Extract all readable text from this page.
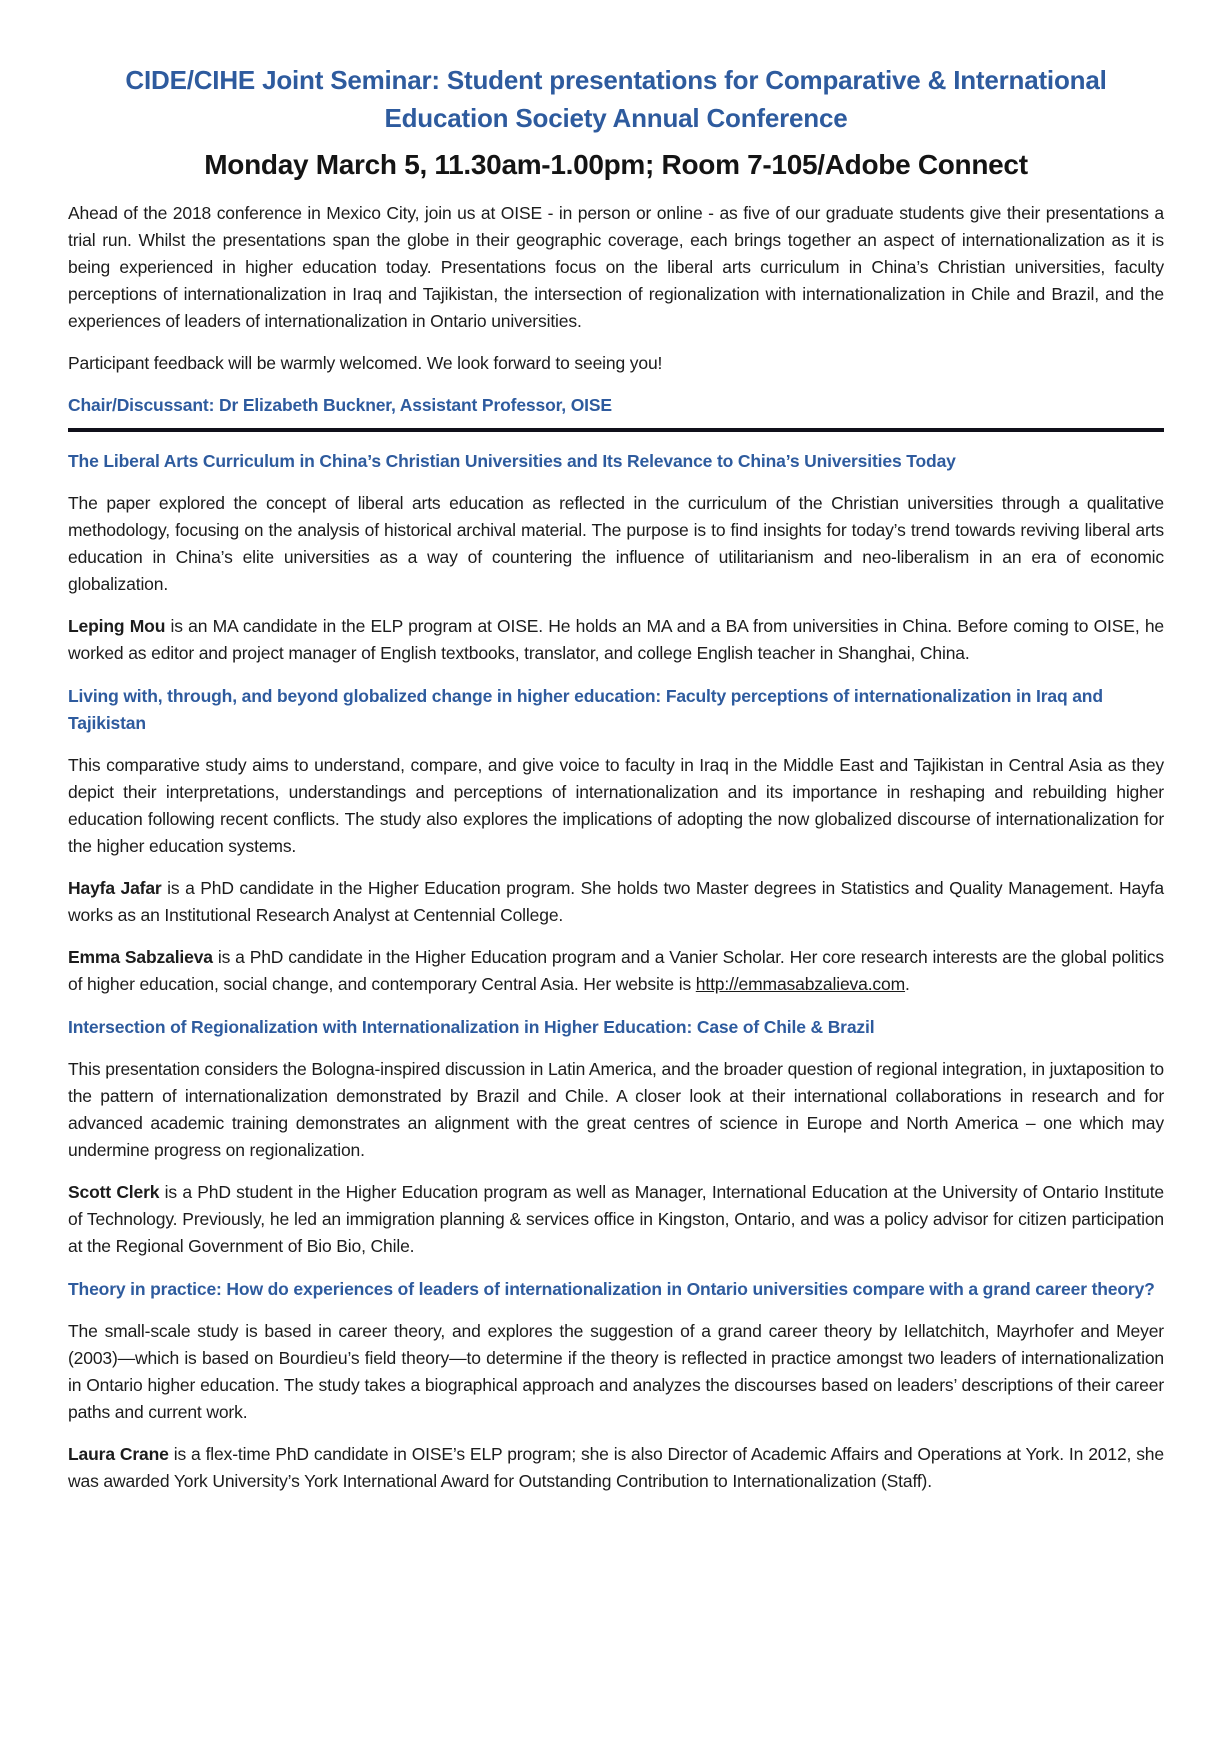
CIDE/CIHE Joint Seminar: Student presentations for Comparative & International Education Society Annual Conference
Monday March 5, 11.30am-1.00pm; Room 7-105/Adobe Connect

Ahead of the 2018 conference in Mexico City, join us at OISE - in person or online - as five of our graduate students give their presentations a trial run. Whilst the presentations span the globe in their geographic coverage, each brings together an aspect of internationalization as it is being experienced in higher education today. Presentations focus on the liberal arts curriculum in China’s Christian universities, faculty perceptions of internationalization in Iraq and Tajikistan, the intersection of regionalization with internationalization in Chile and Brazil, and the experiences of leaders of internationalization in Ontario universities.

Participant feedback will be warmly welcomed. We look forward to seeing you!

Chair/Discussant: Dr Elizabeth Buckner, Assistant Professor, OISE

The Liberal Arts Curriculum in China’s Christian Universities and Its Relevance to China’s Universities Today

The paper explored the concept of liberal arts education as reflected in the curriculum of the Christian universities through a qualitative methodology, focusing on the analysis of historical archival material. The purpose is to find insights for today’s trend towards reviving liberal arts education in China’s elite universities as a way of countering the influence of utilitarianism and neo-liberalism in an era of economic globalization.

Leping Mou is an MA candidate in the ELP program at OISE. He holds an MA and a BA from universities in China. Before coming to OISE, he worked as editor and project manager of English textbooks, translator, and college English teacher in Shanghai, China.

Living with, through, and beyond globalized change in higher education: Faculty perceptions of internationalization in Iraq and Tajikistan

This comparative study aims to understand, compare, and give voice to faculty in Iraq in the Middle East and Tajikistan in Central Asia as they depict their interpretations, understandings and perceptions of internationalization and its importance in reshaping and rebuilding higher education following recent conflicts. The study also explores the implications of adopting the now globalized discourse of internationalization for the higher education systems.

Hayfa Jafar is a PhD candidate in the Higher Education program. She holds two Master degrees in Statistics and Quality Management. Hayfa works as an Institutional Research Analyst at Centennial College.

Emma Sabzalieva is a PhD candidate in the Higher Education program and a Vanier Scholar. Her core research interests are the global politics of higher education, social change, and contemporary Central Asia. Her website is http://emmasabzalieva.com.

Intersection of Regionalization with Internationalization in Higher Education: Case of Chile & Brazil

This presentation considers the Bologna-inspired discussion in Latin America, and the broader question of regional integration, in juxtaposition to the pattern of internationalization demonstrated by Brazil and Chile. A closer look at their international collaborations in research and for advanced academic training demonstrates an alignment with the great centres of science in Europe and North America – one which may undermine progress on regionalization.

Scott Clerk is a PhD student in the Higher Education program as well as Manager, International Education at the University of Ontario Institute of Technology. Previously, he led an immigration planning & services office in Kingston, Ontario, and was a policy advisor for citizen participation at the Regional Government of Bio Bio, Chile.

Theory in practice: How do experiences of leaders of internationalization in Ontario universities compare with a grand career theory?

The small-scale study is based in career theory, and explores the suggestion of a grand career theory by Iellatchitch, Mayrhofer and Meyer (2003)—which is based on Bourdieu’s field theory—to determine if the theory is reflected in practice amongst two leaders of internationalization in Ontario higher education. The study takes a biographical approach and analyzes the discourses based on leaders’ descriptions of their career paths and current work.

Laura Crane is a flex-time PhD candidate in OISE’s ELP program; she is also Director of Academic Affairs and Operations at York. In 2012, she was awarded York University’s York International Award for Outstanding Contribution to Internationalization (Staff).
